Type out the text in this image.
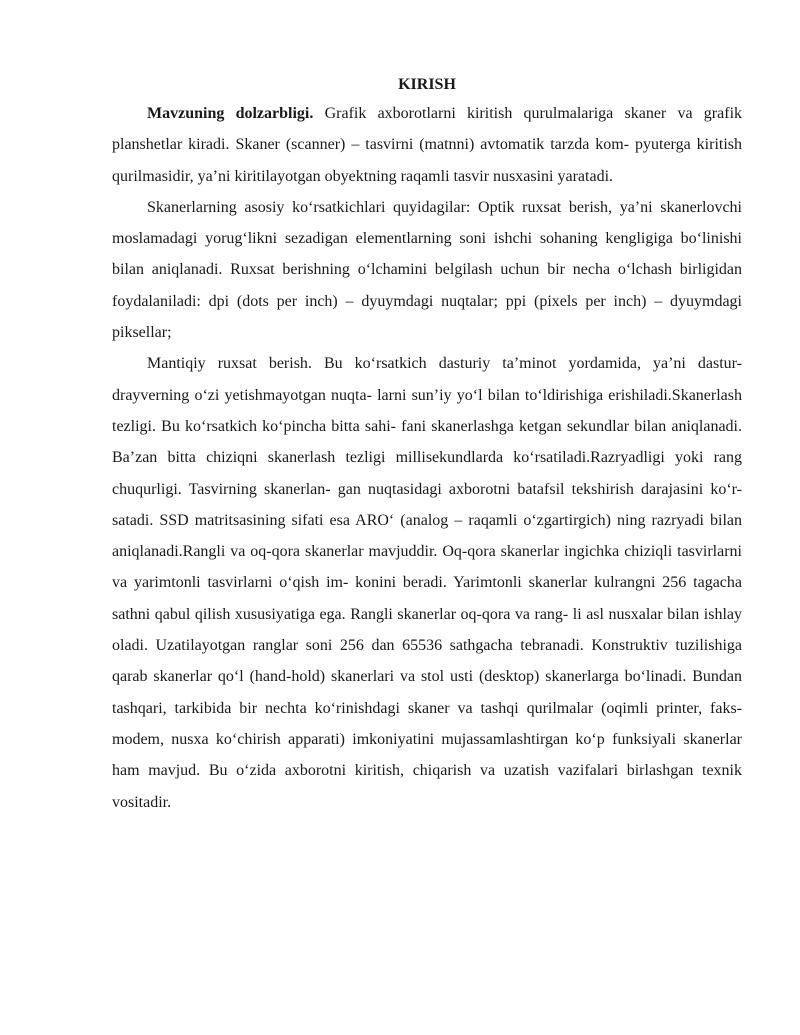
KIRISH

Mavzuning dolzarbligi. Grafik axborotlarni kiritish qurulmalariga skaner va grafik planshetlar kiradi. Skaner (scanner) – tasvirni (matnni) avtomatik tarzda kom- pyuterga kiritish qurilmasidir, ya’ni kiritilayotgan obyektning raqamli tasvir nusxasini yaratadi.

Skanerlarning asosiy ko‘rsatkichlari quyidagilar: Optik ruxsat berish, ya’ni skanerlovchi moslamadagi yorug‘likni sezadigan elementlarning soni ishchi sohaning kengligiga bo‘linishi bilan aniqlanadi. Ruxsat berishning o‘lchamini belgilash uchun bir necha o‘lchash birligidan foydalaniladi: dpi (dots per inch) – dyuymdagi nuqtalar; ppi (pixels per inch) – dyuymdagi piksellar;

Mantiqiy ruxsat berish. Bu ko‘rsatkich dasturiy ta’minot yordamida, ya’ni dastur- drayverning o‘zi yetishmayotgan nuqta- larni sun’iy yo‘l bilan to‘ldirishiga erishiladi.Skanerlash tezligi. Bu ko‘rsatkich ko‘pincha bitta sahi- fani skanerlashga ketgan sekundlar bilan aniqlanadi. Ba’zan bitta chiziqni skanerlash tezligi millisekundlarda ko‘rsatiladi.Razryadligi yoki rang chuqurligi. Tasvirning skanerlan- gan nuqtasidagi axborotni batafsil tekshirish darajasini ko‘r- satadi. SSD matritsasining sifati esa ARO‘ (analog – raqamli o‘zgartirgich) ning razryadi bilan aniqlanadi.Rangli va oq-qora skanerlar mavjuddir. Oq-qora skanerlar ingichka chiziqli tasvirlarni va yarimtonli tasvirlarni o‘qish im- konini beradi. Yarimtonli skanerlar kulrangni 256 tagacha sathni qabul qilish xususiyatiga ega. Rangli skanerlar oq-qora va rang- li asl nusxalar bilan ishlay oladi. Uzatilayotgan ranglar soni 256 dan 65536 sathgacha tebranadi. Konstruktiv tuzilishiga qarab skanerlar qo‘l (hand-hold) skanerlari va stol usti (desktop) skanerlarga bo‘linadi. Bundan tashqari, tarkibida bir nechta ko‘rinishdagi skaner va tashqi qurilmalar (oqimli printer, faks-modem, nusxa ko‘chirish apparati) imkoniyatini mujassamlashtirgan ko‘p funksiyali skanerlar ham mavjud. Bu o‘zida axborotni kiritish, chiqarish va uzatish vazifalari birlashgan texnik vositadir.
